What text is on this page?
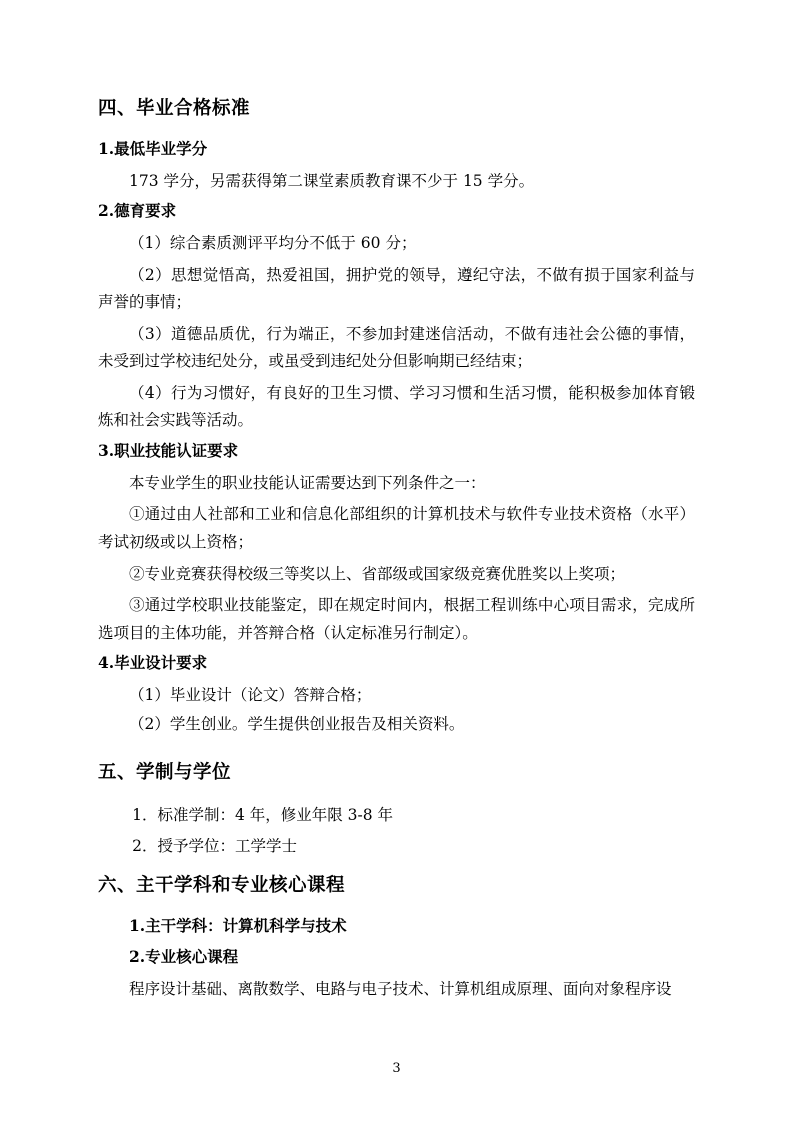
四、毕业合格标准
1.最低毕业学分

173 学分，另需获得第二课堂素质教育课不少于 15 学分。

2.德育要求

（1）综合素质测评平均分不低于 60 分；

（2）思想觉悟高，热爱祖国，拥护党的领导，遵纪守法，不做有损于国家利益与声誉的事情；

（3）道德品质优，行为端正，不参加封建迷信活动，不做有违社会公德的事情，未受到过学校违纪处分，或虽受到违纪处分但影响期已经结束；

（4）行为习惯好，有良好的卫生习惯、学习习惯和生活习惯，能积极参加体育锻炼和社会实践等活动。

3.职业技能认证要求

本专业学生的职业技能认证需要达到下列条件之一：

①通过由人社部和工业和信息化部组织的计算机技术与软件专业技术资格（水平）考试初级或以上资格；

②专业竞赛获得校级三等奖以上、省部级或国家级竞赛优胜奖以上奖项；

③通过学校职业技能鉴定，即在规定时间内，根据工程训练中心项目需求，完成所选项目的主体功能，并答辩合格（认定标准另行制定）。

4.毕业设计要求

（1）毕业设计（论文）答辩合格；

（2）学生创业。学生提供创业报告及相关资料。

五、学制与学位

1．标准学制：4 年，修业年限 3-8 年

2．授予学位：工学学士

六、主干学科和专业核心课程
1.主干学科：计算机科学与技术
2.专业核心课程

程序设计基础、离散数学、电路与电子技术、计算机组成原理、面向对象程序设

3
